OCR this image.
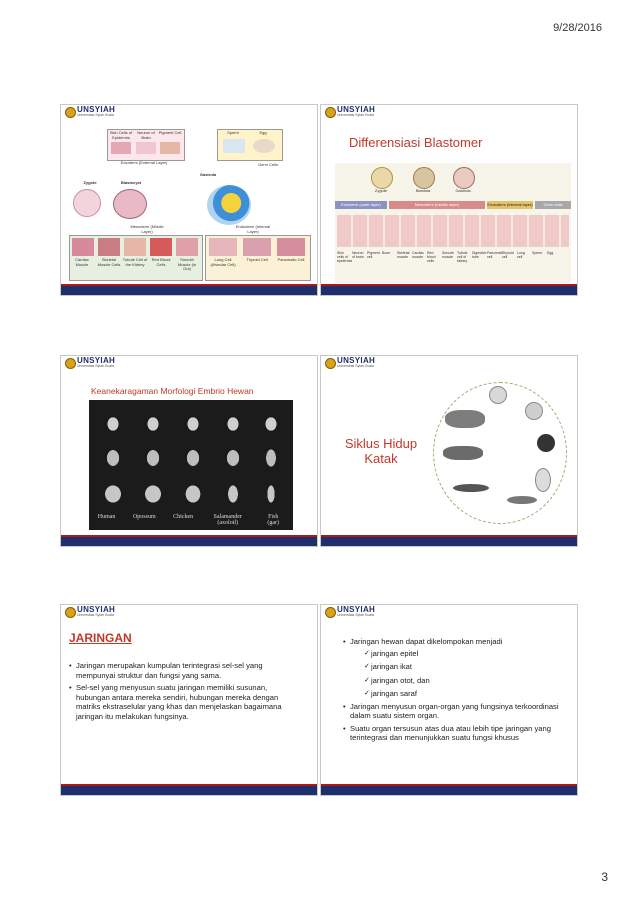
9/28/2016
UNSYIAH
Universitas Syiah Kuala
Skin Cells of Epidermis
Neuron of Brain
Pigment Cell
Ectoderm (External Layer)
Sperm	Egg
Germ Cells
Zygote	Blastocyst
Gastrula
Mesoderm (Middle Layer)
Endoderm (Internal Layer)
Cardiac Muscle
Skeletal Muscle Cells
Tubule Cell of the Kidney
Red Blood Cells
Smooth Muscle (in Gut)
Lung Cell (Alveolar Cell)
Thyroid Cell	Pancreatic Cell
UNSYIAH
Universitas Syiah Kuala
Differensiasi Blastomer
Zygote	Blastula	Gastrula
Ectoderm (outer layer)	Mesoderm (middle layer)	Endoderm (internal layer)	Germ cells
Skin cells of epidermis
Neuron of brain
Pigment cell
Bone	Skeletal muscle
Cardiac muscle
Red blood cells
Smooth muscle
Tubule cell of kidney
Digestive tube
Pancreatic cell
Thyroid cell
Lung cell
Sperm	Egg
UNSYIAH
Universitas Syiah Kuala
Keanekaragaman Morfologi Embrio Hewan
Human	Opossum	Chicken	Salamander (axolotl)
Fish (gar)
UNSYIAH
Universitas Syiah Kuala
Siklus Hidup
Katak
UNSYIAH
Universitas Syiah Kuala
JARINGAN
• Jaringan merupakan kumpulan terintegrasi sel-sel yang mempunyai struktur dan fungsi yang sama.
• Sel-sel yang menyusun suatu jaringan memiliki susunan, hubungan antara mereka sendiri, hubungan mereka dengan matriks ekstraselular yang khas dan menjelaskan bagaimana jaringan itu melakukan fungsinya.
UNSYIAH
Universitas Syiah Kuala
• Jaringan hewan dapat dikelompokan menjadi
✓ jaringan epitel
✓ jaringan ikat
✓ jaringan otot, dan
✓ jaringan saraf
• Jaringan menyusun organ-organ yang fungsinya terkoordinasi dalam suatu sistem organ.
• Suatu organ tersusun atas dua atau lebih tipe jaringan yang terintegrasi dan menunjukkan suatu fungsi khusus
3
